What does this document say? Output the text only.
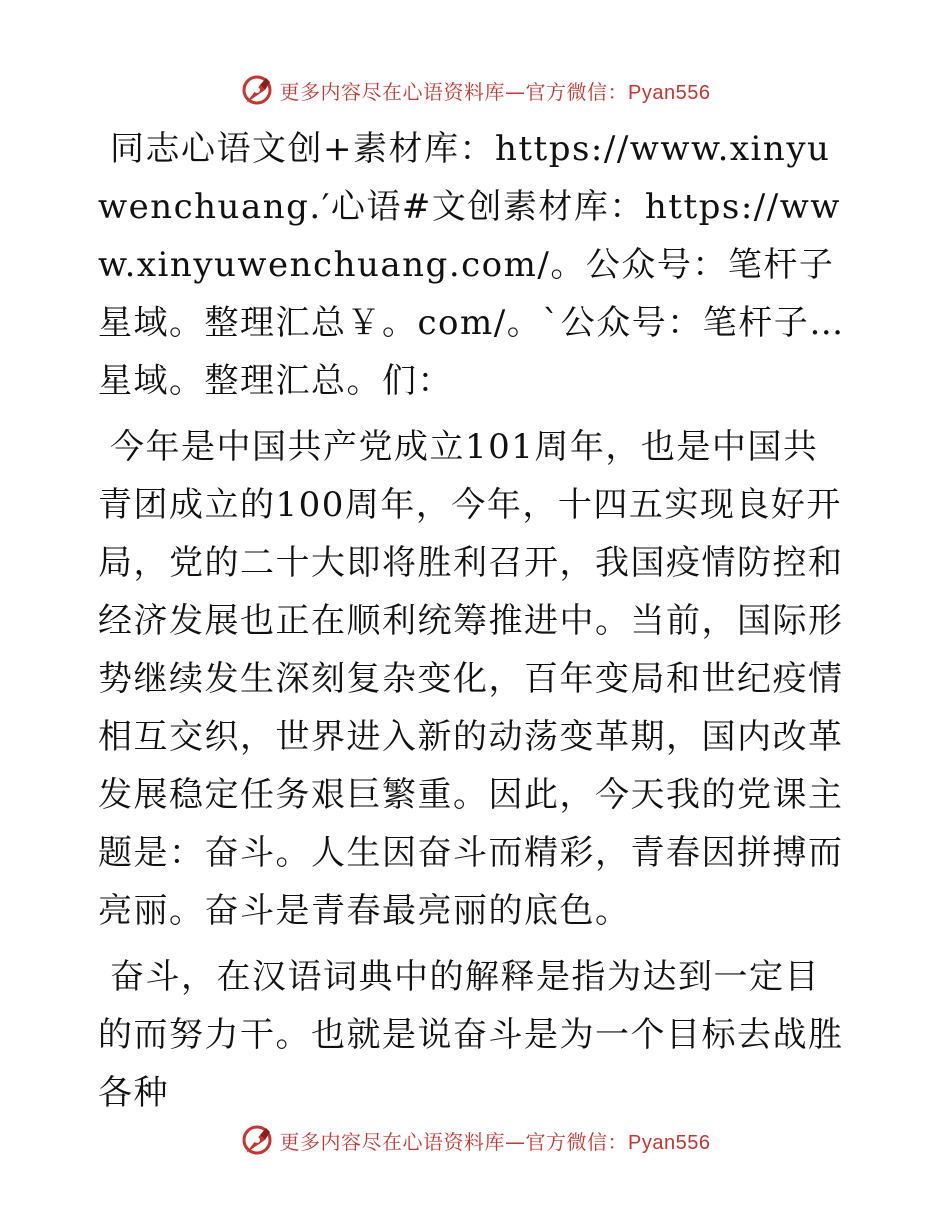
更多内容尽在心语资料库—官方微信：Pyan556

同志心语文创+素材库：https://www.xinyuwenchuang.′心语#文创素材库：https://www.xinyuwenchuang.com/。公众号：笔杆子星域。整理汇总￥。com/。`公众号：笔杆子…星域。整理汇总。们：

今年是中国共产党成立101周年，也是中国共青团成立的100周年，今年，十四五实现良好开局，党的二十大即将胜利召开，我国疫情防控和经济发展也正在顺利统筹推进中。当前，国际形势继续发生深刻复杂变化，百年变局和世纪疫情相互交织，世界进入新的动荡变革期，国内改革发展稳定任务艰巨繁重。因此，今天我的党课主题是：奋斗。人生因奋斗而精彩，青春因拼搏而亮丽。奋斗是青春最亮丽的底色。

奋斗，在汉语词典中的解释是指为达到一定目的而努力干。也就是说奋斗是为一个目标去战胜各种

更多内容尽在心语资料库—官方微信：Pyan556
